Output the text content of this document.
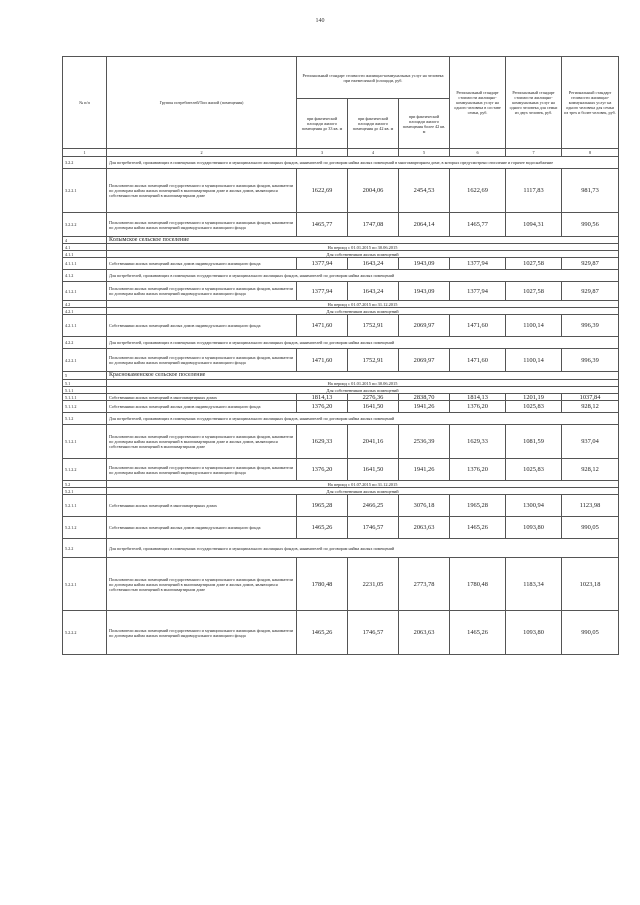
140
№ п/п	Группы потребителей/Тип жилой (помещения)	Региональный стандарт стоимости жилищно-коммунальных услуг на человека при ежемесячной (площади, руб.			Региональный стандарт стоимости жилищно-коммунальных услуг на одного человека в составе семьи, руб.	Региональный стандарт стоимости жилищно-коммунальных услуг на одного человека для семьи из двух человек, руб.	Региональный стандарт стоимости жилищно-коммунальных услуг на одного человека для семьи из трех и более человек, руб.
		при фактической площади жилого помещения до 33 кв. м	при фактической площади жилого помещения до 42 кв. м	при фактической площади жилого помещения более 42 кв. м			
1	2	3	4	5	6	7	8
3.2.2	Для потребителей, проживающих в помещениях государственного и муниципального жилищных фондов, нанимателей по договорам найма жилых помещений в многоквартирном доме, в которых предусмотрено отопление и горячее водоснабжение						
3.2.2.1	Пользователи жилых помещений государственного и муниципального жилищных фондов, наниматели по договорам найма жилых помещений в многоквартирном доме и жилых домов, являющихся собственностью помещений в многоквартирном доме	1622,69	2004,06	2454,53	1622,69	1117,83	981,73
3.2.2.2	Пользователи жилых помещений государственного и муниципального жилищных фондов, наниматели по договорам найма жилых помещений индивидуального жилищного фонда	1465,77	1747,08	2064,14	1465,77	1094,31	990,56
4	Колымское сельское поселение						
4.1	На период с 01.01.2015 по 30.06.2015						
4.1.1	Для собственников жилых помещений						
4.1.1.1	Собственники жилых помещений жилых домов индивидуального жилищного фонда	1377,94	1643,24	1943,09	1377,94	1027,58	929,87
4.1.2	Для потребителей, проживающих в помещениях государственного и муниципального жилищных фондов, нанимателей по договорам найма жилых помещений						
4.1.2.1	Пользователи жилых помещений государственного и муниципального жилищных фондов, наниматели по договорам найма жилых помещений индивидуального жилищного фонда	1377,94	1643,24	1943,09	1377,94	1027,58	929,87
4.2	На период с 01.07.2015 по 31.12.2015						
4.2.1	Для собственников жилых помещений						
4.2.1.1	Собственники жилых помещений жилых домов индивидуального жилищного фонда	1471,60	1752,91	2069,97	1471,60	1100,14	996,39
4.2.2	Для потребителей, проживающих в помещениях государственного и муниципального жилищных фондов, нанимателей по договорам найма жилых помещений						
4.2.2.1	Пользователи жилых помещений государственного и муниципального жилищных фондов, наниматели по договорам найма жилых помещений индивидуального жилищного фонда	1471,60	1752,91	2069,97	1471,60	1100,14	996,39
5	Краснокаменское сельское поселение						
5.1	На период с 01.01.2015 по 30.06.2015						
5.1.1	Для собственников жилых помещений						
5.1.1.1	Собственники жилых помещений в многоквартирных домах	1814,13	2276,36	2838,70	1814,13	1201,19	1037,84
5.1.1.2	Собственники жилых помещений жилых домов индивидуального жилищного фонда	1376,20	1641,50	1941,26	1376,20	1025,83	928,12
5.1.2	Для потребителей, проживающих в помещениях государственного и муниципального жилищных фондов, нанимателей по договорам найма жилых помещений						
5.1.2.1	Пользователи жилых помещений государственного и муниципального жилищных фондов, наниматели по договорам найма жилых помещений в многоквартирном доме и жилых домов, являющихся собственностью помещений в многоквартирном доме	1629,33	2041,16	2536,39	1629,33	1081,59	937,04
5.1.2.2	Пользователи жилых помещений государственного и муниципального жилищных фондов, наниматели по договорам найма жилых помещений индивидуального жилищного фонда	1376,20	1641,50	1941,26	1376,20	1025,83	928,12
5.2	На период с 01.07.2015 по 31.12.2015						
5.2.1	Для собственников жилых помещений						
5.2.1.1	Собственники жилых помещений в многоквартирных домах	1965,28	2466,25	3076,18	1965,28	1300,94	1123,98
5.2.1.2	Собственники жилых помещений жилых домов индивидуального жилищного фонда	1465,26	1746,57	2063,63	1465,26	1093,80	990,05
5.2.2	Для потребителей, проживающих в помещениях государственного и муниципального жилищных фондов, нанимателей по договорам найма жилых помещений						
5.2.2.1	Пользователи жилых помещений государственного и муниципального жилищных фондов, наниматели по договорам найма жилых помещений в многоквартирном доме и жилых домов, являющихся собственностью помещений в многоквартирном доме	1780,48	2231,05	2773,78	1780,48	1183,34	1023,18
5.2.2.2	Пользователи жилых помещений государственного и муниципального жилищных фондов, наниматели по договорам найма жилых помещений индивидуального жилищного фонда	1465,26	1746,57	2063,63	1465,26	1093,80	990,05
